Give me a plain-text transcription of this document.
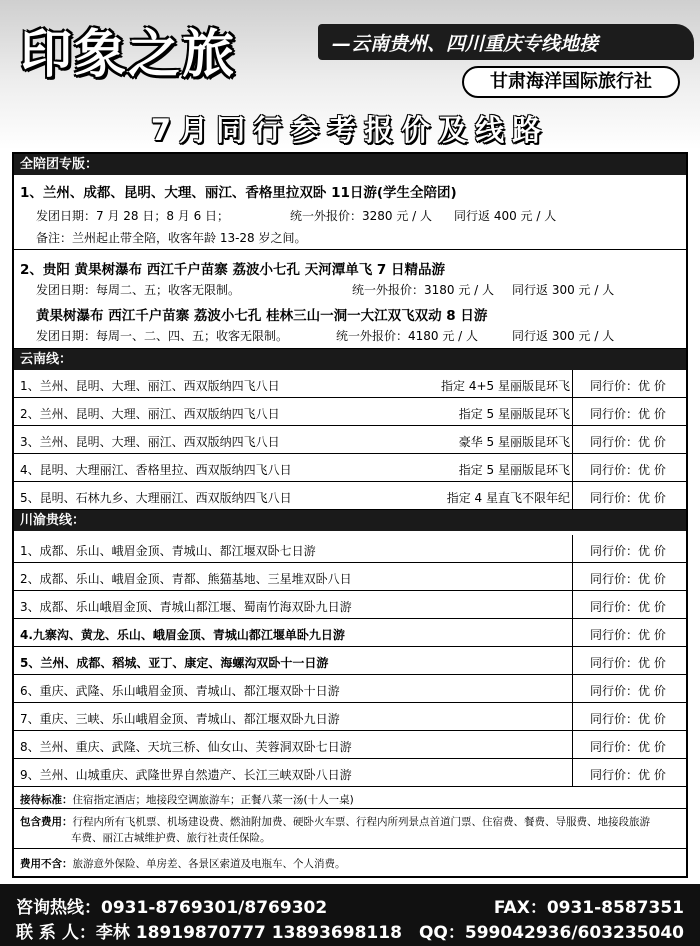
印象之旅	—云南贵州、四川重庆专线地接
甘肃海洋国际旅行社
7月同行参考报价及线路
全陪团专版：
1、兰州、成都、昆明、大理、丽江、香格里拉双卧 11日游(学生全陪团)
发团日期：7 月 28 日；8 月 6 日；	统一外报价：3280 元 / 人 同行返 400 元 / 人
备注：兰州起止带全陪，收客年龄 13-28 岁之间。
2、贵阳 黄果树瀑布 西江千户苗寨 荔波小七孔 天河潭单飞 7 日精品游
发团日期：每周二、五；收客无限制。	统一外报价：3180 元 / 人 同行返 300 元 / 人
黄果树瀑布 西江千户苗寨 荔波小七孔 桂林三山一洞一大江双飞双动 8 日游
发团日期：每周一、二、四、五；收客无限制。	统一外报价：4180 元 / 人	同行返 300 元 / 人
云南线：
1、兰州、昆明、大理、丽江、西双版纳四飞八日	指定 4+5 星丽版昆环飞 同行价：优 价
2、兰州、昆明、大理、丽江、西双版纳四飞八日	指定 5 星丽版昆环飞 同行价：优 价
3、兰州、昆明、大理、丽江、西双版纳四飞八日	豪华 5 星丽版昆环飞 同行价：优 价
4、昆明、大理丽江、香格里拉、西双版纳四飞八日	指定 5 星丽版昆环飞 同行价：优 价
5、昆明、石林九乡、大理丽江、西双版纳四飞八日	指定 4 星直飞不限年纪 同行价：优 价
川渝贵线：
1、成都、乐山、峨眉金顶、青城山、都江堰双卧七日游	同行价：优 价
2、成都、乐山、峨眉金顶、青都、熊猫基地、三星堆双卧八日	同行价：优 价
3、成都、乐山峨眉金顶、青城山都江堰、蜀南竹海双卧九日游	同行价：优 价
4.九寨沟、黄龙、乐山、峨眉金顶、青城山都江堰单卧九日游	同行价：优 价
5、兰州、成都、稻城、亚丁、康定、海螺沟双卧十一日游	同行价：优 价
6、重庆、武隆、乐山峨眉金顶、青城山、都江堰双卧十日游	同行价：优 价
7、重庆、三峡、乐山峨眉金顶、青城山、都江堰双卧九日游	同行价：优 价
8、兰州、重庆、武隆、天坑三桥、仙女山、芙蓉洞双卧七日游	同行价：优 价
9、兰州、山城重庆、武隆世界自然遗产、长江三峡双卧八日游	同行价：优 价
接待标准：住宿指定酒店；地接段空调旅游车；正餐八菜一汤(十人一桌)
包含费用：行程内所有飞机票、机场建设费、燃油附加费、硬卧火车票、行程内所列景点首道门票、住宿费、餐费、导服费、地接段旅游
车费、丽江古城维护费、旅行社责任保险。
费用不含：旅游意外保险、单房差、各景区索道及电瓶车、个人消费。
咨询热线：0931-8769301/8769302	FAX：0931-8587351
联 系 人：李林 18919870777 13893698118 QQ：599042936/603235040
